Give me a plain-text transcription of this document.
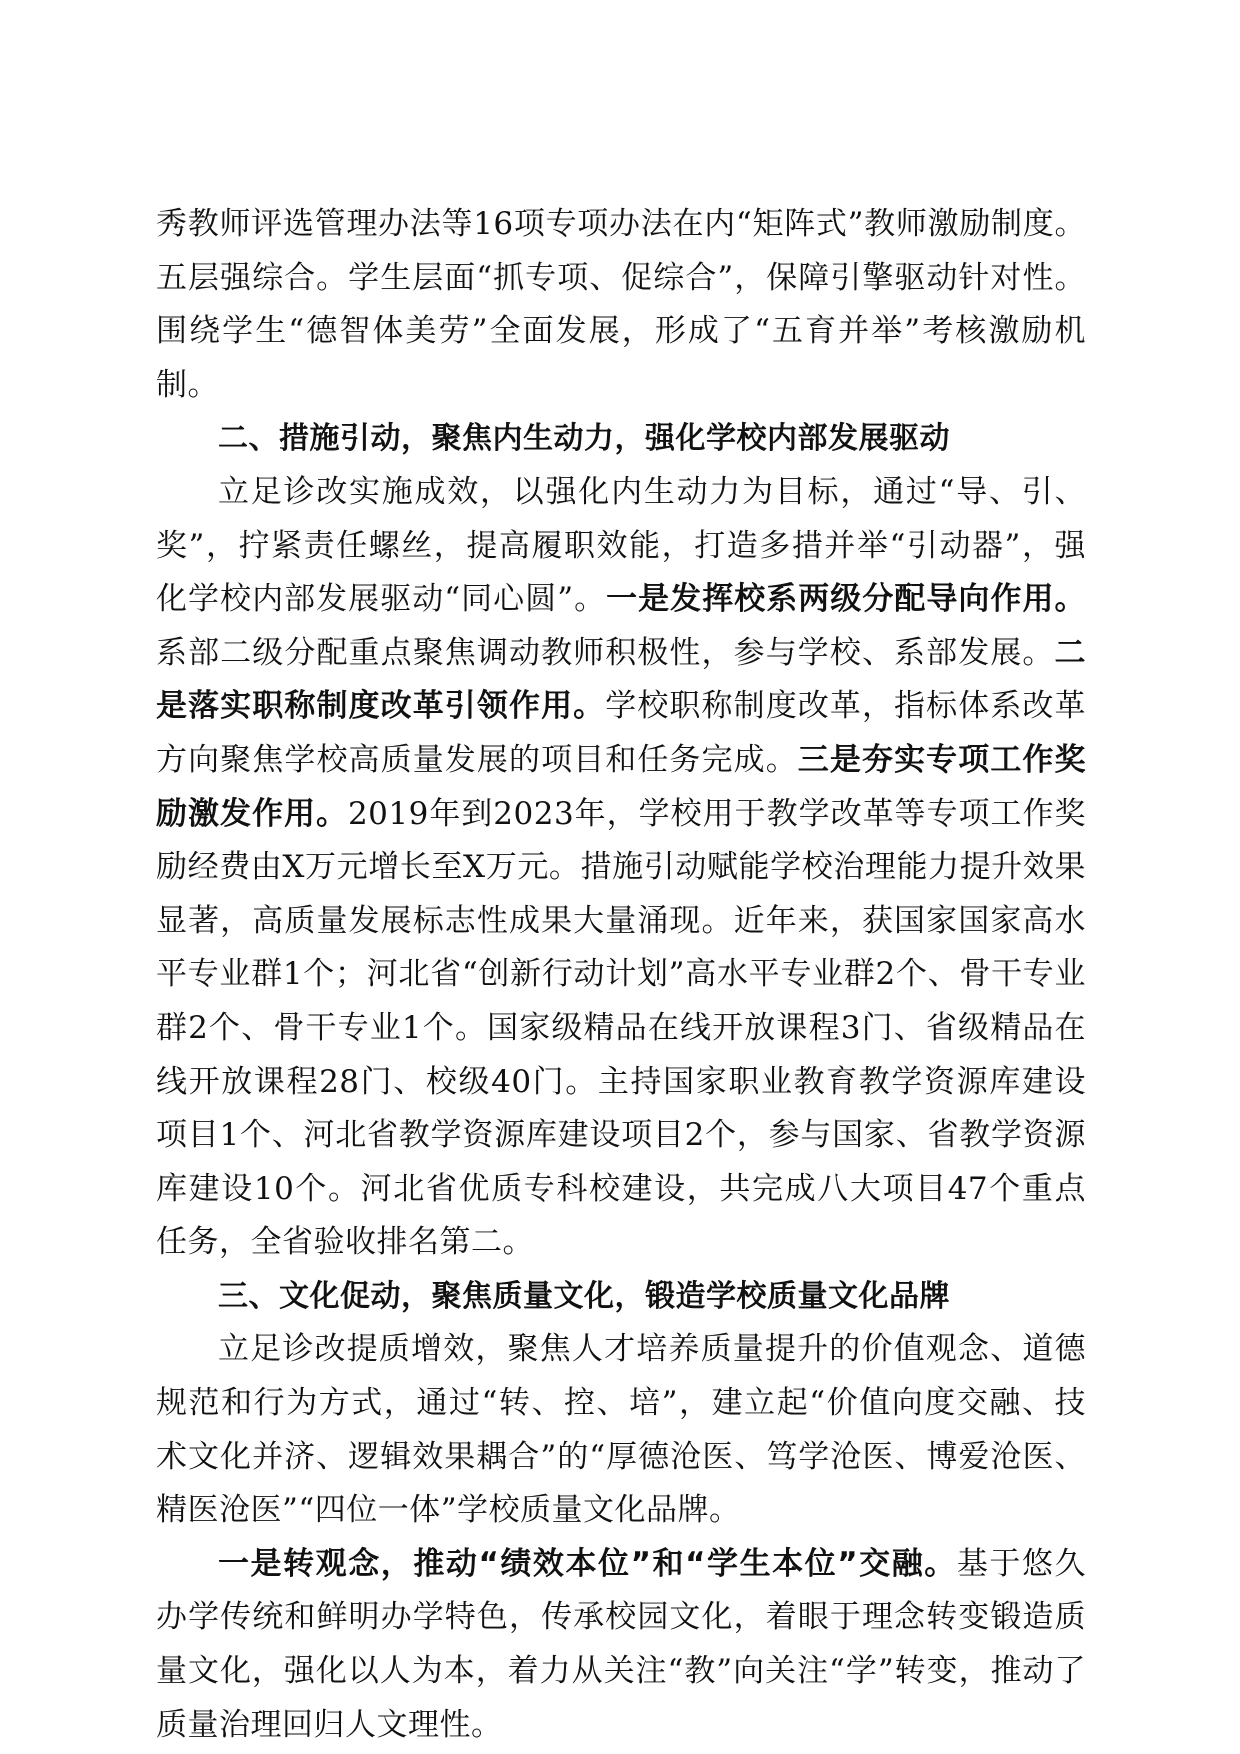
秀教师评选管理办法等16项专项办法在内“矩阵式”教师激励制度。五层强综合。学生层面“抓专项、促综合”，保障引擎驱动针对性。围绕学生“德智体美劳”全面发展，形成了“五育并举”考核激励机制。

二、措施引动，聚焦内生动力，强化学校内部发展驱动

立足诊改实施成效，以强化内生动力为目标，通过“导、引、奖”，拧紧责任螺丝，提高履职效能，打造多措并举“引动器”，强化学校内部发展驱动“同心圆”。一是发挥校系两级分配导向作用。系部二级分配重点聚焦调动教师积极性，参与学校、系部发展。二是落实职称制度改革引领作用。学校职称制度改革，指标体系改革方向聚焦学校高质量发展的项目和任务完成。三是夯实专项工作奖励激发作用。2019年到2023年，学校用于教学改革等专项工作奖励经费由X万元增长至X万元。措施引动赋能学校治理能力提升效果显著，高质量发展标志性成果大量涌现。近年来，获国家国家高水平专业群1个；河北省“创新行动计划”高水平专业群2个、骨干专业群2个、骨干专业1个。国家级精品在线开放课程3门、省级精品在线开放课程28门、校级40门。主持国家职业教育教学资源库建设项目1个、河北省教学资源库建设项目2个，参与国家、省教学资源库建设10个。河北省优质专科校建设，共完成八大项目47个重点任务，全省验收排名第二。

三、文化促动，聚焦质量文化，锻造学校质量文化品牌

立足诊改提质增效，聚焦人才培养质量提升的价值观念、道德规范和行为方式，通过“转、控、培”，建立起“价值向度交融、技术文化并济、逻辑效果耦合”的“厚德沧医、笃学沧医、博爱沧医、精医沧医”“四位一体”学校质量文化品牌。

一是转观念，推动“绩效本位”和“学生本位”交融。基于悠久办学传统和鲜明办学特色，传承校园文化，着眼于理念转变锻造质量文化，强化以人为本，着力从关注“教”向关注“学”转变，推动了质量治理回归人文理性。
